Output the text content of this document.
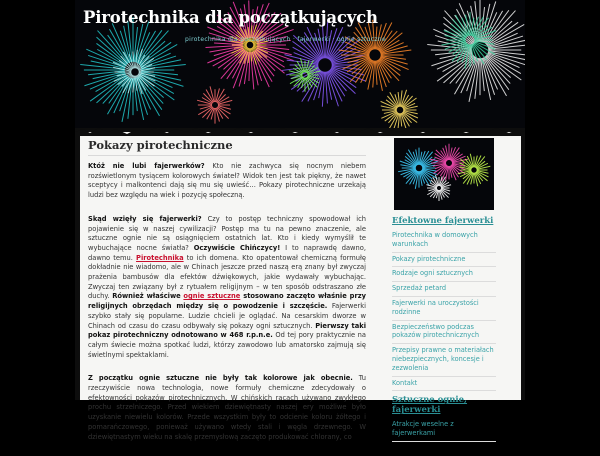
Pirotechnika dla początkujących
pirotechnika dla początkujących · fajerwerki · ognie sztuczne
Pokazy pirotechniczne

Któż nie lubi fajerwerków? Kto nie zachwyca się nocnym niebem rozświetlonym tysiącem kolorowych świateł? Widok ten jest tak piękny, że nawet sceptycy i malkontenci dają się mu się uwieść… Pokazy pirotechniczne urzekają ludzi bez względu na wiek i pozycję społeczną.

Skąd wzięły się fajerwerki? Czy to postęp techniczny spowodował ich pojawienie się w naszej cywilizacji? Postęp ma tu na pewno znaczenie, ale sztuczne ognie nie są osiągnięciem ostatnich lat. Kto i kiedy wymyślił te wybuchające nocne światła? Oczywiście Chińczycy! I to naprawdę dawno, dawno temu. Pirotechnika to ich domena. Kto opatentował chemiczną formułę dokładnie nie wiadomo, ale w Chinach jeszcze przed naszą erą znany był zwyczaj prażenia bambusów dla efektów dźwiękowych, jakie wydawały wybuchając. Zwyczaj ten związany był z rytuałem religijnym – w ten sposób odstraszano złe duchy. Również właściwe ognie sztuczne stosowano zaczęto właśnie przy religijnych obrzędach między się o powodzenie i szczęście. Fajerwerki szybko stały się popularne. Ludzie chcieli je oglądać. Na cesarskim dworze w Chinach od czasu do czasu odbywały się pokazy ogni sztucznych. Pierwszy taki pokaz pirotechniczny odnotowano w 468 r.p.n.e. Od tej pory praktycznie na całym świecie można spotkać ludzi, którzy zawodowo lub amatorsko zajmują się świetlnymi spektaklami.

Z początku ognie sztuczne nie były tak kolorowe jak obecnie. Tu rzeczywiście nowa technologia, nowe formuły chemiczne zdecydowały o efektowności pokazów pirotechnicznych. W chińskich racach używano zwykłego prochu strzelniczego. Przed wiekiem dziewiętnasty naszej ery możliwe było uzyskanie niewielu kolorów. Przede wszystkim były to odcienie koloru żółtego i pomarańczowego, ponieważ używano wtedy stali i węgla drzewnego. W dziewiętnastym wieku na skalę przemysłową zaczęto produkować chlorany, co

Efektowne fajerwerki
Pirotechnika w domowych warunkach
Pokazy pirotechniczne
Rodzaje ogni sztucznych
Sprzedaż petard
Fajerwerki na uroczystości rodzinne
Bezpieczeństwo podczas pokazów pirotechnicznych
Przepisy prawne o materiałach niebezpiecznych, koncesje i zezwolenia
Kontakt
Sztuczne ognie, fajerwerki
Atrakcje weselne z fajerwerkami
